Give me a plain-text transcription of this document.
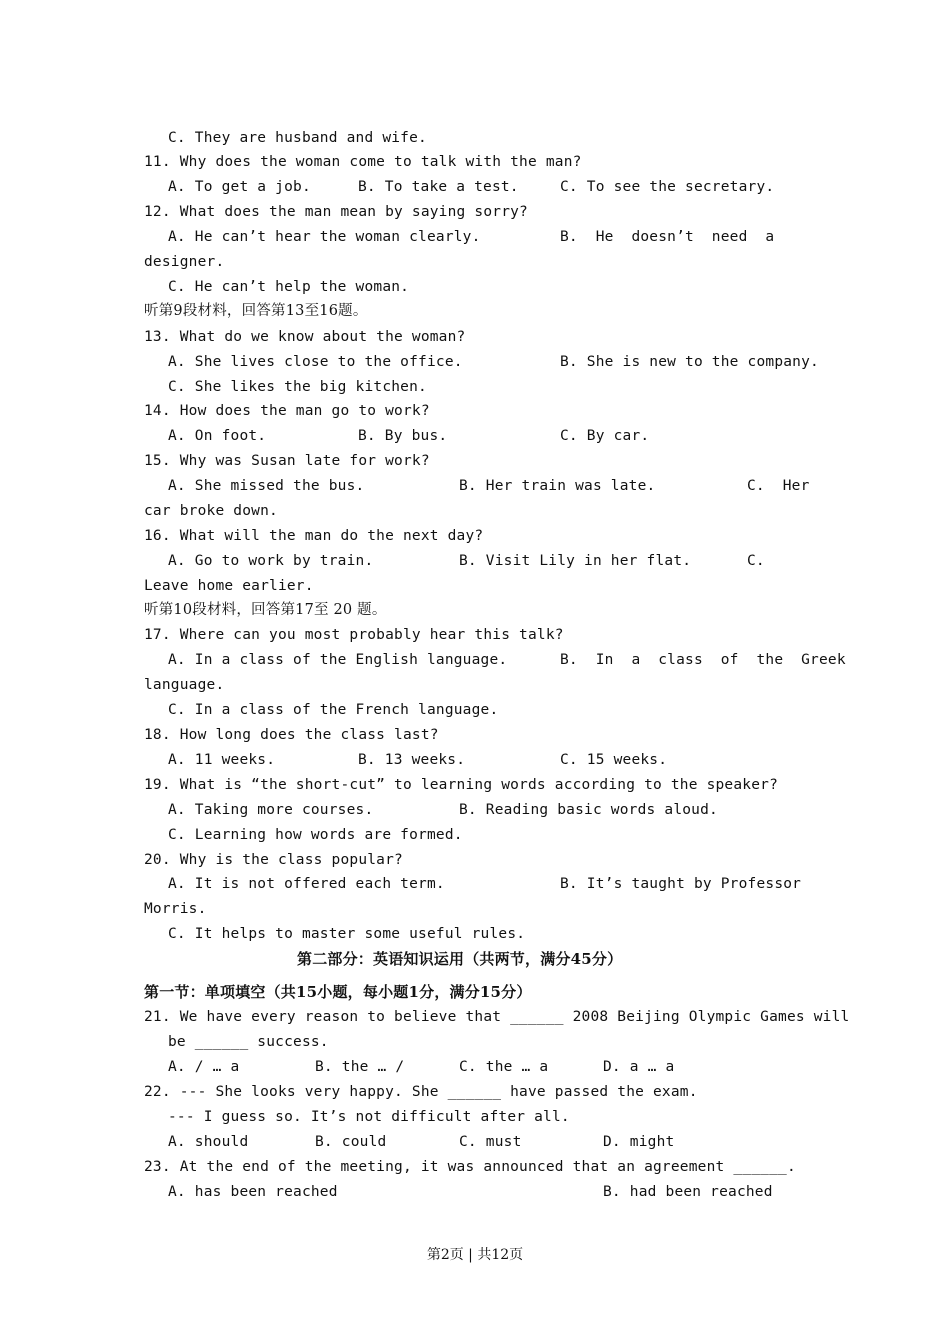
C. They are husband and wife.
11. Why does the woman come to talk with the man?
A. To get a job.	B. To take a test.	C. To see the secretary.
12. What does the man mean by saying sorry?
A. He can’t hear the woman clearly.	B.  He  doesn’t  need  a
designer.
C. He can’t help the woman.
听第9段材料，回答第13至16题。
13. What do we know about the woman?
A. She lives close to the office.	B. She is new to the company.
C. She likes the big kitchen.
14. How does the man go to work?
A. On foot.	B. By bus.	C. By car.
15. Why was Susan late for work?
A. She missed the bus.	B. Her train was late.	C.  Her
car broke down.
16. What will the man do the next day?
A. Go to work by train.	B. Visit Lily in her flat.	C.
Leave home earlier.
听第10段材料，回答第17至 20 题。
17. Where can you most probably hear this talk?
A. In a class of the English language.	B.  In  a  class  of  the  Greek
language.
C. In a class of the French language.
18. How long does the class last?
A. 11 weeks.	B. 13 weeks.	C. 15 weeks.
19. What is “the short-cut” to learning words according to the speaker?
A. Taking more courses.	B. Reading basic words aloud.
C. Learning how words are formed.
20. Why is the class popular?
A. It is not offered each term.	B. It’s taught by Professor
Morris.
C. It helps to master some useful rules.
第二部分：英语知识运用（共两节，满分45分）
第一节：单项填空（共15小题，每小题1分，满分15分）
21. We have every reason to believe that ______ 2008 Beijing Olympic Games will
be ______ success.
A. / … a	B. the … /	C. the … a	D. a … a
22. --- She looks very happy. She ______ have passed the exam.
--- I guess so. It’s not difficult after all.
A. should	B. could	C. must	D. might
23. At the end of the meeting, it was announced that an agreement ______.
A. has been reached	B. had been reached
第2页 | 共12页
